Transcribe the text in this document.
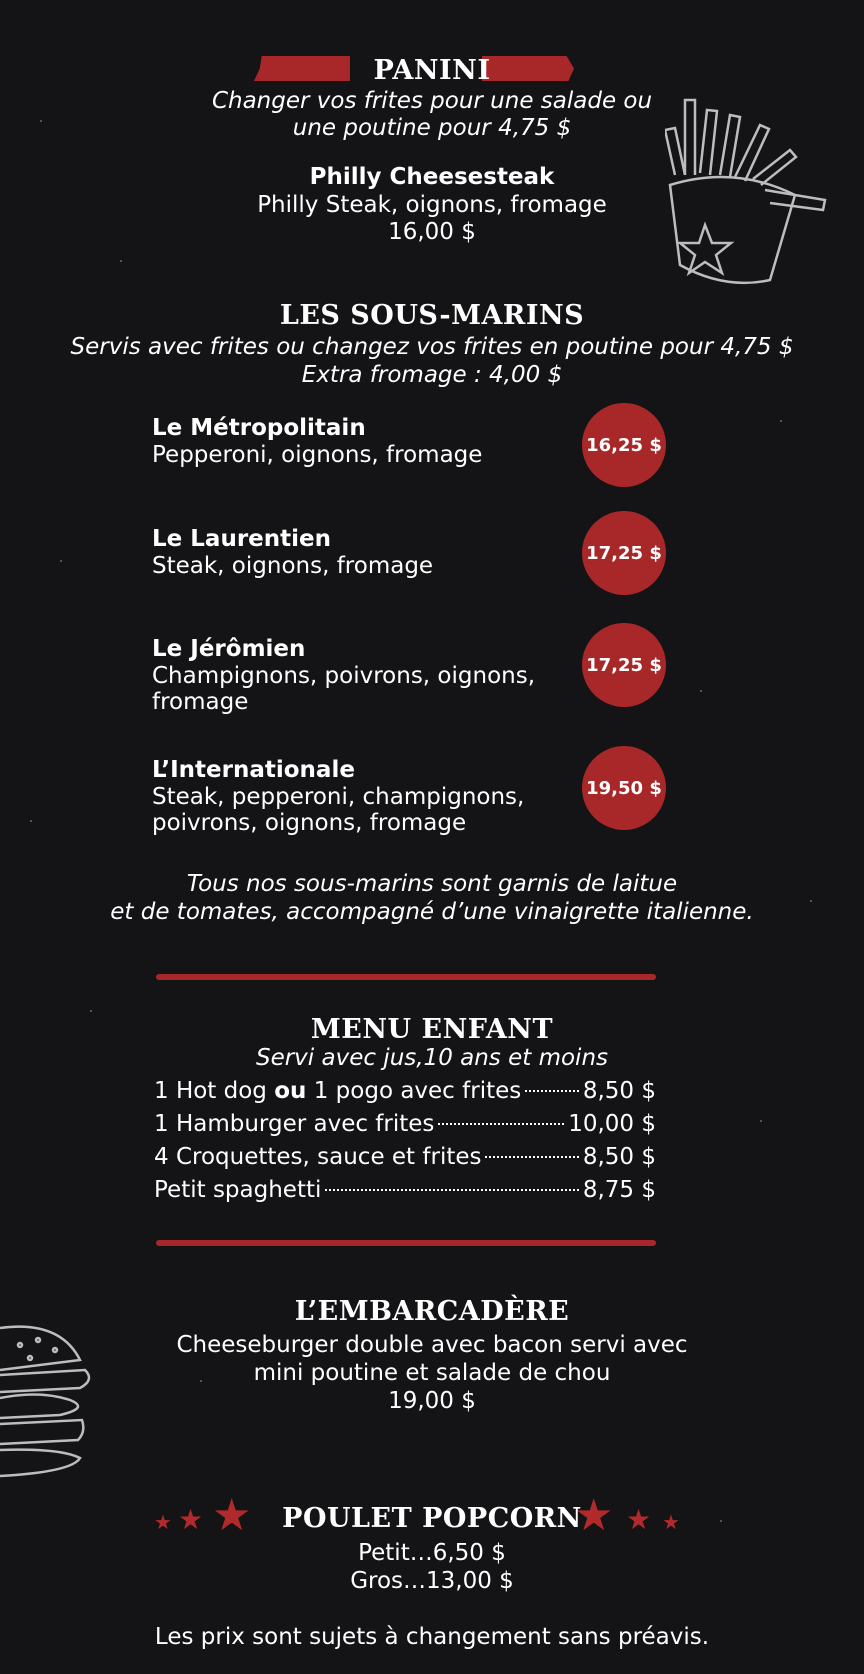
PANINI
Changer vos frites pour une salade ou
une poutine pour 4,75 $
Philly Cheesesteak
Philly Steak, oignons, fromage
16,00 $
LES SOUS-MARINS
Servis avec frites ou changez vos frites en poutine pour 4,75 $
Extra fromage : 4,00 $
Le Métropolitain
Pepperoni, oignons, fromage	16,25 $
Le Laurentien
Steak, oignons, fromage	17,25 $
Le Jérômien
Champignons, poivrons, oignons,
fromage
17,25 $
L’Internationale
Steak, pepperoni, champignons,
poivrons, oignons, fromage
19,50 $
Tous nos sous-marins sont garnis de laitue
et de tomates, accompagné d’une vinaigrette italienne.
MENU ENFANT
Servi avec jus,10 ans et moins
1 Hot dog ou 1 pogo avec frites	8,50 $
1 Hamburger avec frites	10,00 $
4 Croquettes, sauce et frites	8,50 $
Petit spaghetti	8,75 $
L’EMBARCADÈRE
Cheeseburger double avec bacon servi avec
mini poutine et salade de chou
19,00 $
★ ★ ★	★ ★ ★
POULET POPCORN
Petit…6,50 $
Gros…13,00 $
Les prix sont sujets à changement sans préavis.
